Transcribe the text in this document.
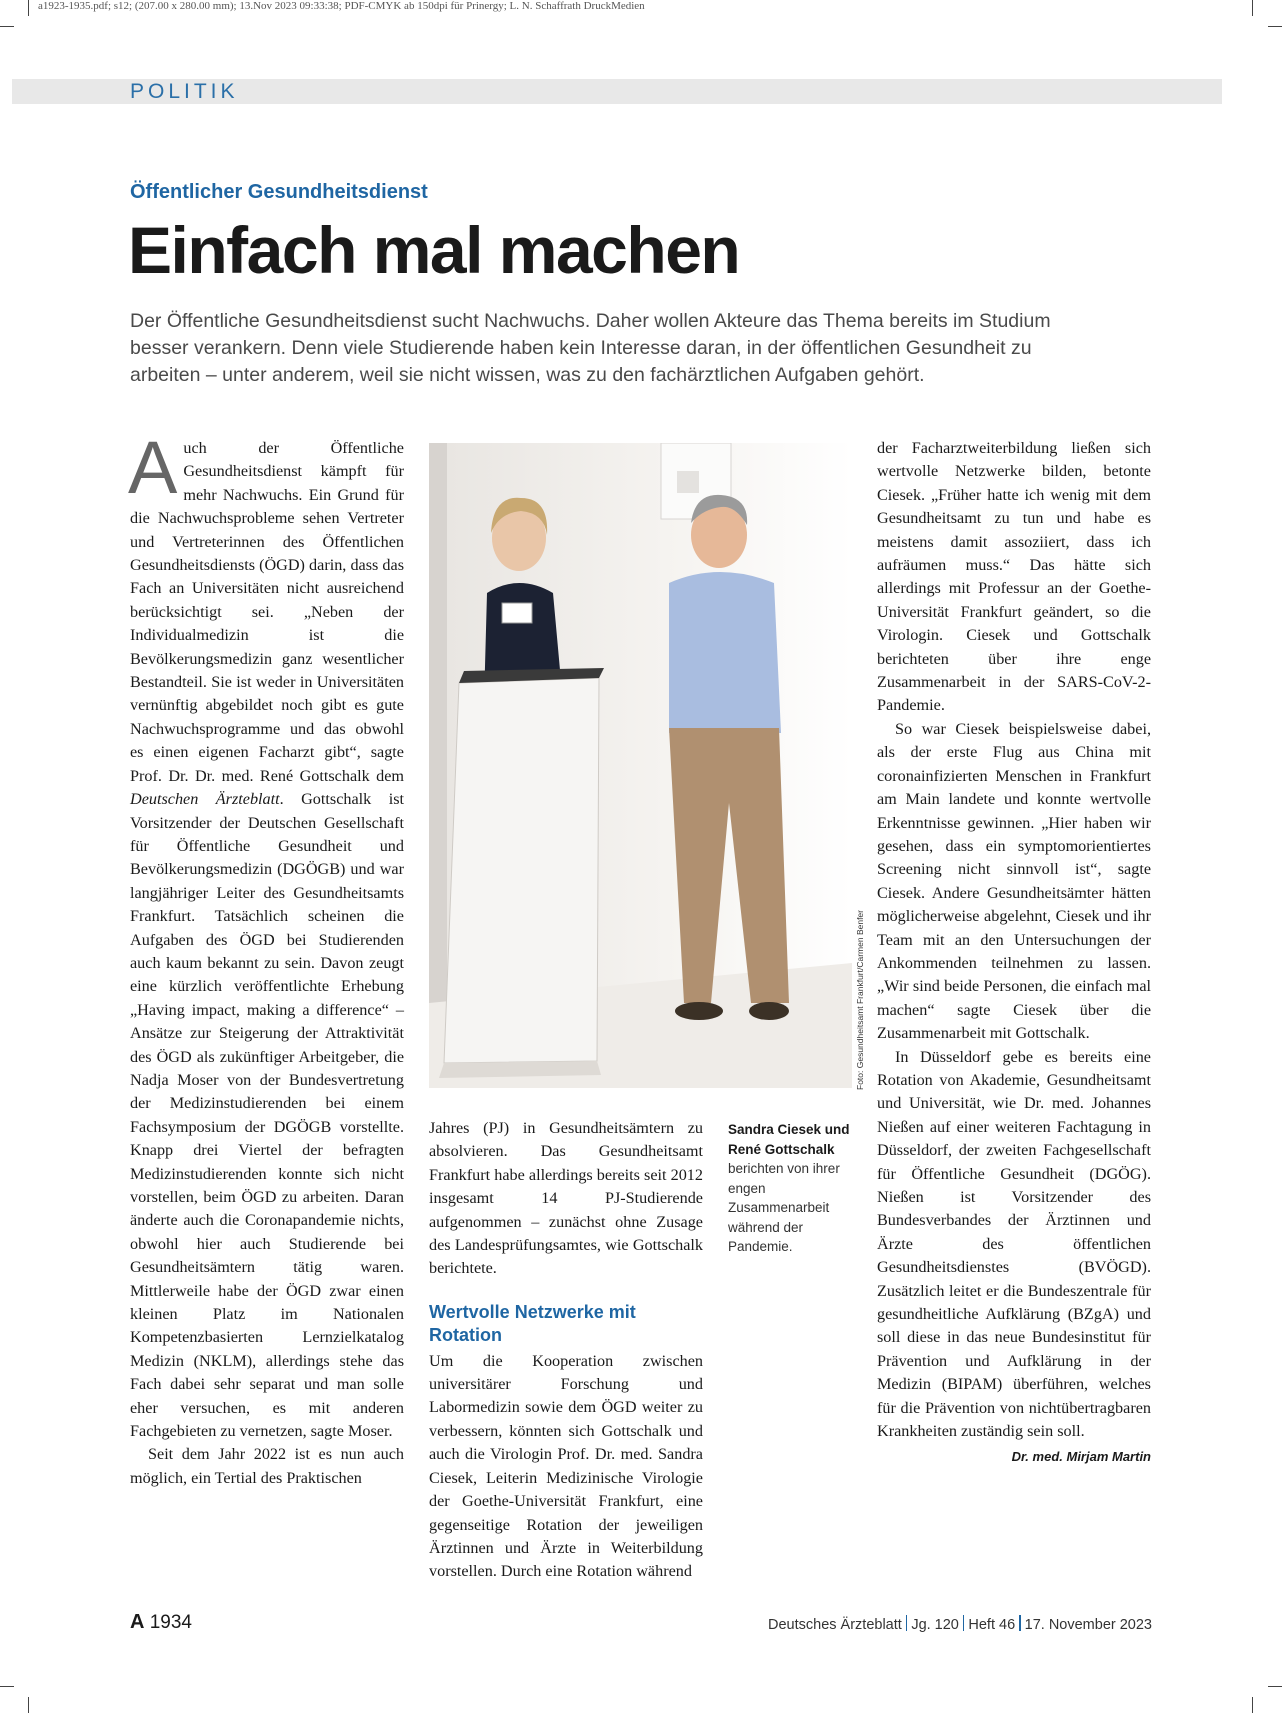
a1923-1935.pdf; s12; (207.00 x 280.00 mm); 13.Nov 2023 09:33:38; PDF-CMYK ab 150dpi für Prinergy; L. N. Schaffrath DruckMedien
POLITIK
Öffentlicher Gesundheitsdienst
Einfach mal machen

Der Öffentliche Gesundheitsdienst sucht Nachwuchs. Daher wollen Akteure das Thema bereits im Studium besser verankern. Denn viele Studierende haben kein Interesse daran, in der öffentlichen Gesundheit zu arbeiten – unter anderem, weil sie nicht wissen, was zu den fachärztlichen Aufgaben gehört.

Auch der Öffentliche Gesundheitsdienst kämpft für mehr Nachwuchs. Ein Grund für die Nachwuchsprobleme sehen Vertreter und Vertreterinnen des Öffentlichen Gesundheitsdiensts (ÖGD) darin, dass das Fach an Universitäten nicht ausreichend berücksichtigt sei. „Neben der Individualmedizin ist die Bevölkerungsmedizin ganz wesentlicher Bestandteil. Sie ist weder in Universitäten vernünftig abgebildet noch gibt es gute Nachwuchsprogramme und das obwohl es einen eigenen Facharzt gibt“, sagte Prof. Dr. Dr. med. René Gottschalk dem Deutschen Ärzteblatt. Gottschalk ist Vorsitzender der Deutschen Gesellschaft für Öffentliche Gesundheit und Bevölkerungsmedizin (DGÖGB) und war langjähriger Leiter des Gesundheitsamts Frankfurt. Tatsächlich scheinen die Aufgaben des ÖGD bei Studierenden auch kaum bekannt zu sein. Davon zeugt eine kürzlich veröffentlichte Erhebung „Having impact, making a difference“ – Ansätze zur Steigerung der Attraktivität des ÖGD als zukünftiger Arbeitgeber, die Nadja Moser von der Bundesvertretung der Medizinstudierenden bei einem Fachsymposium der DGÖGB vorstellte. Knapp drei Viertel der befragten Medizinstudierenden konnte sich nicht vorstellen, beim ÖGD zu arbeiten. Daran änderte auch die Coronapandemie nichts, obwohl hier auch Studierende bei Gesundheitsämtern tätig waren. Mittlerweile habe der ÖGD zwar einen kleinen Platz im Nationalen Kompetenzbasierten Lernzielkatalog Medizin (NKLM), allerdings stehe das Fach dabei sehr separat und man solle eher versuchen, es mit anderen Fachgebieten zu vernetzen, sagte Moser.

Seit dem Jahr 2022 ist es nun auch möglich, ein Tertial des Praktischen

Foto: Gesundheitsamt Frankfurt/Carmen Benfer

Jahres (PJ) in Gesundheitsämtern zu absolvieren. Das Gesundheitsamt Frankfurt habe allerdings bereits seit 2012 insgesamt 14 PJ-Studierende aufgenommen – zunächst ohne Zusage des Landesprüfungsamtes, wie Gottschalk berichtete.

Wertvolle Netzwerke mit Rotation

Um die Kooperation zwischen universitärer Forschung und Labormedizin sowie dem ÖGD weiter zu verbessern, könnten sich Gottschalk und auch die Virologin Prof. Dr. med. Sandra Ciesek, Leiterin Medizinische Virologie der Goethe-Universität Frankfurt, eine gegenseitige Rotation der jeweiligen Ärztinnen und Ärzte in Weiterbildung vorstellen. Durch eine Rotation während

Sandra Ciesek und René Gottschalk
berichten von ihrer engen Zusammenarbeit während der Pandemie.

der Facharztweiterbildung ließen sich wertvolle Netzwerke bilden, betonte Ciesek. „Früher hatte ich wenig mit dem Gesundheitsamt zu tun und habe es meistens damit assoziiert, dass ich aufräumen muss.“ Das hätte sich allerdings mit Professur an der Goethe-Universität Frankfurt geändert, so die Virologin. Ciesek und Gottschalk berichteten über ihre enge Zusammenarbeit in der SARS-CoV-2-Pandemie.

So war Ciesek beispielsweise dabei, als der erste Flug aus China mit coronainfizierten Menschen in Frankfurt am Main landete und konnte wertvolle Erkenntnisse gewinnen. „Hier haben wir gesehen, dass ein symptomorientiertes Screening nicht sinnvoll ist“, sagte Ciesek. Andere Gesundheitsämter hätten möglicherweise abgelehnt, Ciesek und ihr Team mit an den Untersuchungen der Ankommenden teilnehmen zu lassen. „Wir sind beide Personen, die einfach mal machen“ sagte Ciesek über die Zusammenarbeit mit Gottschalk.

In Düsseldorf gebe es bereits eine Rotation von Akademie, Gesundheitsamt und Universität, wie Dr. med. Johannes Nießen auf einer weiteren Fachtagung in Düsseldorf, der zweiten Fachgesellschaft für Öffentliche Gesundheit (DGÖG). Nießen ist Vorsitzender des Bundesverbandes der Ärztinnen und Ärzte des öffentlichen Gesundheitsdienstes (BVÖGD). Zusätzlich leitet er die Bundeszentrale für gesundheitliche Aufklärung (BZgA) und soll diese in das neue Bundesinstitut für Prävention und Aufklärung in der Medizin (BIPAM) überführen, welches für die Prävention von nichtübertragbaren Krankheiten zuständig sein soll.
Dr. med. Mirjam Martin

A 1934	Deutsches Ärzteblatt Jg. 120 Heft 46 17. November 2023
